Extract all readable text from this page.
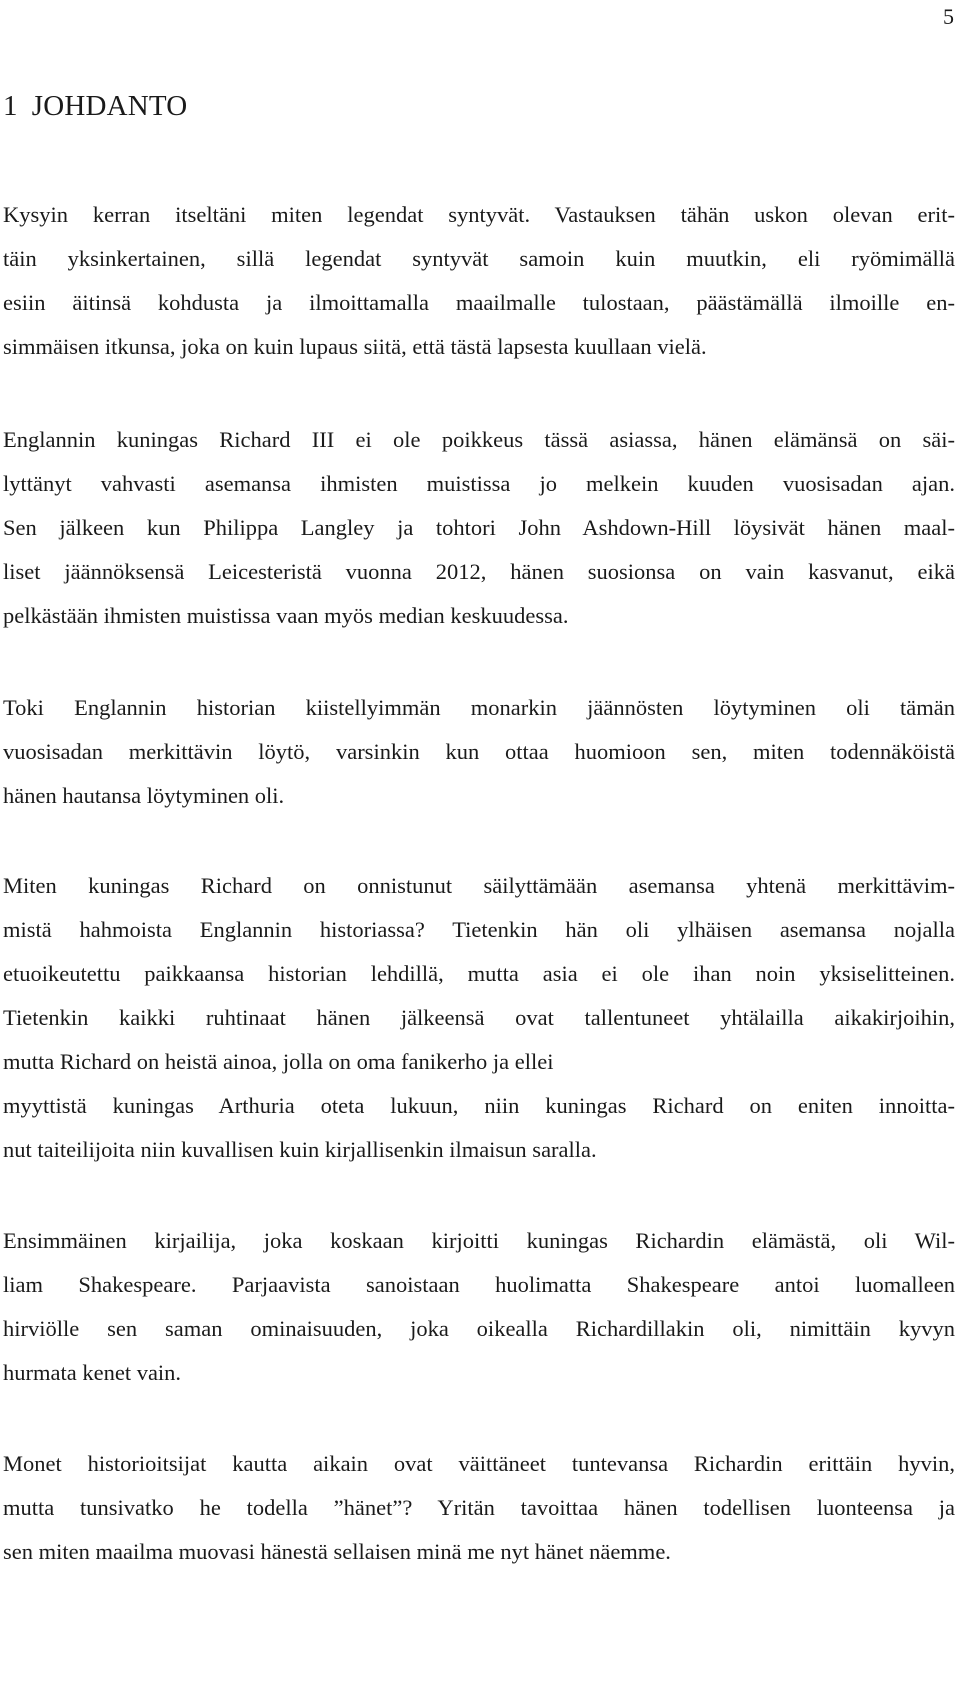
5

1 JOHDANTO
Kysyin kerran itseltäni miten legendat syntyvät. Vastauksen tähän uskon olevan erit-
täin yksinkertainen, sillä legendat syntyvät samoin kuin muutkin, eli ryömimällä
esiin äitinsä kohdusta ja ilmoittamalla maailmalle tulostaan, päästämällä ilmoille en-
simmäisen itkunsa, joka on kuin lupaus siitä, että tästä lapsesta kuullaan vielä.
Englannin kuningas Richard III ei ole poikkeus tässä asiassa, hänen elämänsä on säi-
lyttänyt vahvasti asemansa ihmisten muistissa jo melkein kuuden vuosisadan ajan.
Sen jälkeen kun Philippa Langley ja tohtori John Ashdown-Hill löysivät hänen maal-
liset jäännöksensä Leicesteristä vuonna 2012, hänen suosionsa on vain kasvanut, eikä
pelkästään ihmisten muistissa vaan myös median keskuudessa.
Toki Englannin historian kiistellyimmän monarkin jäännösten löytyminen oli tämän
vuosisadan merkittävin löytö, varsinkin kun ottaa huomioon sen, miten todennäköistä
hänen hautansa löytyminen oli.
Miten kuningas Richard on onnistunut säilyttämään asemansa yhtenä merkittävim-
mistä hahmoista Englannin historiassa? Tietenkin hän oli ylhäisen asemansa nojalla
etuoikeutettu paikkaansa historian lehdillä, mutta asia ei ole ihan noin yksiselitteinen.
Tietenkin kaikki ruhtinaat hänen jälkeensä ovat tallentuneet yhtälailla aikakirjoihin,
mutta Richard on heistä ainoa, jolla on oma fanikerho ja ellei
myyttistä kuningas Arthuria oteta lukuun, niin kuningas Richard on eniten innoitta-
nut taiteilijoita niin kuvallisen kuin kirjallisenkin ilmaisun saralla.
Ensimmäinen kirjailija, joka koskaan kirjoitti kuningas Richardin elämästä, oli Wil-
liam Shakespeare. Parjaavista sanoistaan huolimatta Shakespeare antoi luomalleen
hirviölle sen saman ominaisuuden, joka oikealla Richardillakin oli, nimittäin kyvyn
hurmata kenet vain.
Monet historioitsijat kautta aikain ovat väittäneet tuntevansa Richardin erittäin hyvin,
mutta tunsivatko he todella ”hänet”? Yritän tavoittaa hänen todellisen luonteensa ja
sen miten maailma muovasi hänestä sellaisen minä me nyt hänet näemme.
